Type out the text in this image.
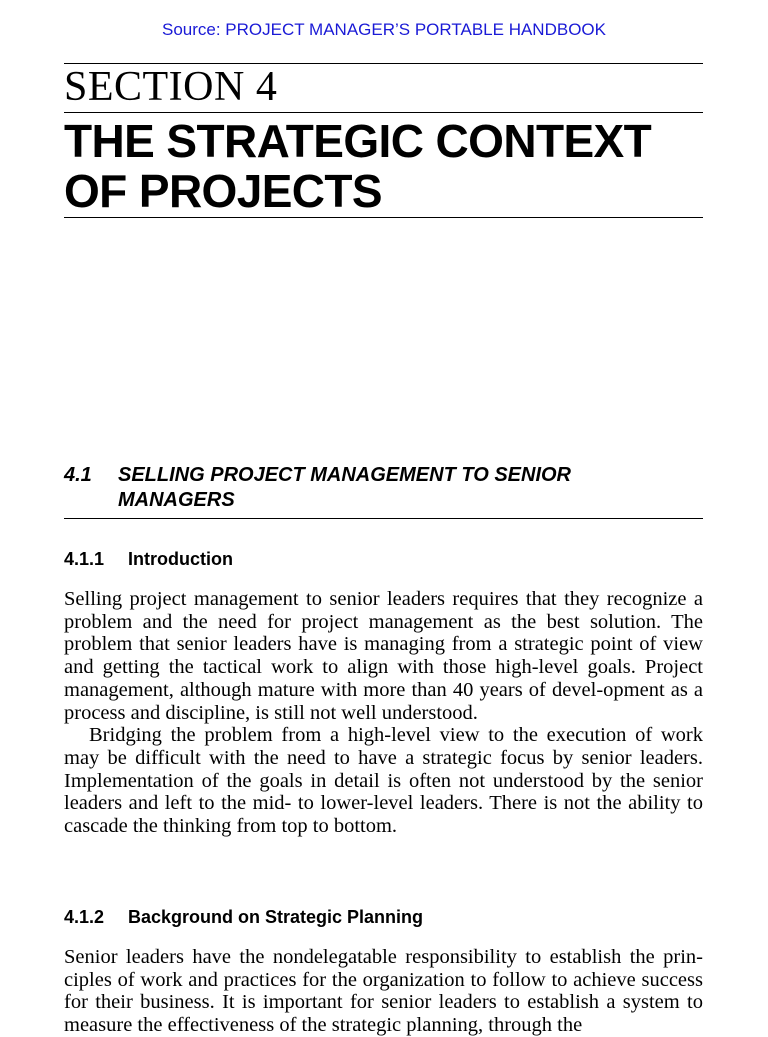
Source: PROJECT MANAGER’S PORTABLE HANDBOOK
SECTION 4
THE STRATEGIC CONTEXT OF PROJECTS
4.1 SELLING PROJECT MANAGEMENT TO SENIOR MANAGERS
4.1.1 Introduction

Selling project management to senior leaders requires that they recognize a problem and the need for project management as the best solution. The problem that senior leaders have is managing from a strategic point of view and getting the tactical work to align with those high-level goals. Project management, although mature with more than 40 years of devel-opment as a process and discipline, is still not well understood.

Bridging the problem from a high-level view to the execution of work may be difficult with the need to have a strategic focus by senior leaders. Implementation of the goals in detail is often not understood by the senior leaders and left to the mid- to lower-level leaders. There is not the ability to cascade the thinking from top to bottom.

4.1.2 Background on Strategic Planning

Senior leaders have the nondelegatable responsibility to establish the prin-ciples of work and practices for the organization to follow to achieve success for their business. It is important for senior leaders to establish a system to measure the effectiveness of the strategic planning, through the
